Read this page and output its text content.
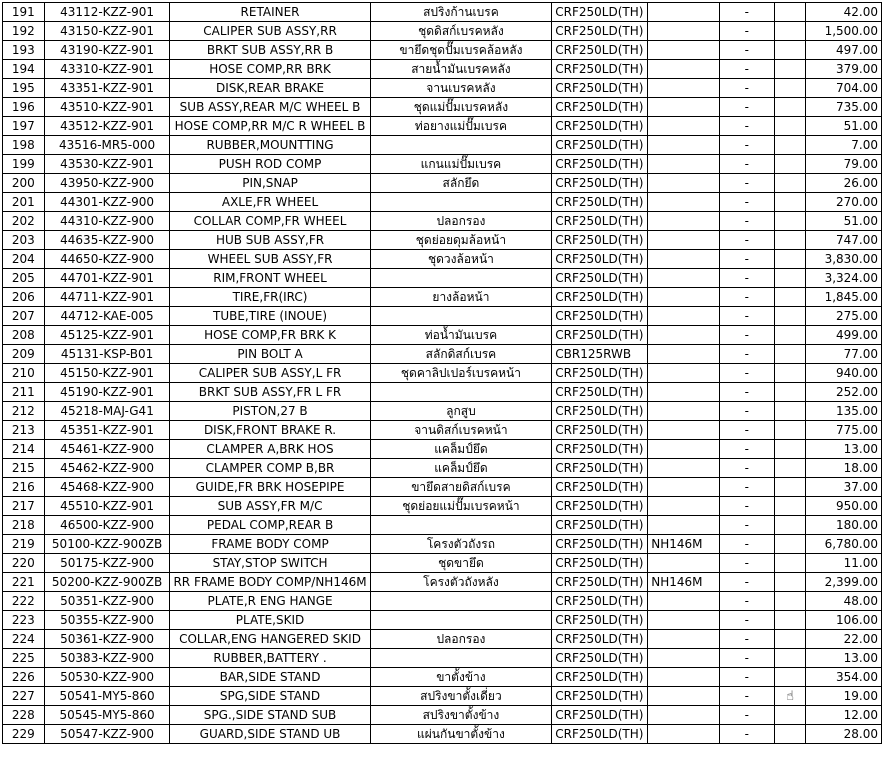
191	43112-KZZ-901	RETAINER	สปริงก้านเบรค	CRF250LD(TH)		-		42.00
192	43150-KZZ-901	CALIPER SUB ASSY,RR	ชุดดิสก์เบรคหลัง	CRF250LD(TH)		-		1,500.00
193	43190-KZZ-901	BRKT SUB ASSY,RR B	ขายึดชุดปั๊มเบรคล้อหลัง	CRF250LD(TH)		-		497.00
194	43310-KZZ-901	HOSE COMP,RR BRK	สายน้ำมันเบรคหลัง	CRF250LD(TH)		-		379.00
195	43351-KZZ-901	DISK,REAR BRAKE	จานเบรคหลัง	CRF250LD(TH)		-		704.00
196	43510-KZZ-901	SUB ASSY,REAR M/C WHEEL B	ชุดแม่ปั๊มเบรคหลัง	CRF250LD(TH)		-		735.00
197	43512-KZZ-901	HOSE COMP,RR M/C R WHEEL B	ท่อยางแม่ปั๊มเบรค	CRF250LD(TH)		-		51.00
198	43516-MR5-000	RUBBER,MOUNTTING		CRF250LD(TH)		-		7.00
199	43530-KZZ-901	PUSH ROD COMP	แกนแม่ปั๊มเบรค	CRF250LD(TH)		-		79.00
200	43950-KZZ-900	PIN,SNAP	สลักยึด	CRF250LD(TH)		-		26.00
201	44301-KZZ-900	AXLE,FR WHEEL		CRF250LD(TH)		-		270.00
202	44310-KZZ-900	COLLAR COMP,FR WHEEL	ปลอกรอง	CRF250LD(TH)		-		51.00
203	44635-KZZ-900	HUB SUB ASSY,FR	ชุดย่อยดุมล้อหน้า	CRF250LD(TH)		-		747.00
204	44650-KZZ-900	WHEEL SUB ASSY,FR	ชุดวงล้อหน้า	CRF250LD(TH)		-		3,830.00
205	44701-KZZ-901	RIM,FRONT WHEEL		CRF250LD(TH)		-		3,324.00
206	44711-KZZ-901	TIRE,FR(IRC)	ยางล้อหน้า	CRF250LD(TH)		-		1,845.00
207	44712-KAE-005	TUBE,TIRE (INOUE)		CRF250LD(TH)		-		275.00
208	45125-KZZ-901	HOSE COMP,FR BRK K	ท่อน้ำมันเบรค	CRF250LD(TH)		-		499.00
209	45131-KSP-B01	PIN BOLT A	สลักดิสก์เบรค	CBR125RWB		-		77.00
210	45150-KZZ-901	CALIPER SUB ASSY,L FR	ชุดคาลิปเปอร์เบรคหน้า	CRF250LD(TH)		-		940.00
211	45190-KZZ-901	BRKT SUB ASSY,FR L FR		CRF250LD(TH)		-		252.00
212	45218-MAJ-G41	PISTON,27 B	ลูกสูบ	CRF250LD(TH)		-		135.00
213	45351-KZZ-901	DISK,FRONT BRAKE R.	จานดิสก์เบรคหน้า	CRF250LD(TH)		-		775.00
214	45461-KZZ-900	CLAMPER A,BRK HOS	แคล็มป์ยึด	CRF250LD(TH)		-		13.00
215	45462-KZZ-900	CLAMPER COMP B,BR	แคล็มป์ยึด	CRF250LD(TH)		-		18.00
216	45468-KZZ-900	GUIDE,FR BRK HOSEPIPE	ขายึดสายดิสก์เบรค	CRF250LD(TH)		-		37.00
217	45510-KZZ-901	SUB ASSY,FR M/C	ชุดย่อยแม่ปั๊มเบรคหน้า	CRF250LD(TH)		-		950.00
218	46500-KZZ-900	PEDAL COMP,REAR B		CRF250LD(TH)		-		180.00
219	50100-KZZ-900ZB	FRAME BODY COMP	โครงตัวถังรถ	CRF250LD(TH)	NH146M	-		6,780.00
220	50175-KZZ-900	STAY,STOP SWITCH	ชุดขายึด	CRF250LD(TH)		-		11.00
221	50200-KZZ-900ZB	RR FRAME BODY COMP/NH146M	โครงตัวถังหลัง	CRF250LD(TH)	NH146M	-		2,399.00
222	50351-KZZ-900	PLATE,R ENG HANGE		CRF250LD(TH)		-		48.00
223	50355-KZZ-900	PLATE,SKID		CRF250LD(TH)		-		106.00
224	50361-KZZ-900	COLLAR,ENG HANGERED SKID	ปลอกรอง	CRF250LD(TH)		-		22.00
225	50383-KZZ-900	RUBBER,BATTERY .		CRF250LD(TH)		-		13.00
226	50530-KZZ-900	BAR,SIDE STAND	ขาตั้งข้าง	CRF250LD(TH)		-		354.00
227	50541-MY5-860	SPG,SIDE STAND	สปริงขาตั้งเดี่ยว	CRF250LD(TH)		-	☝	19.00
228	50545-MY5-860	SPG.,SIDE STAND SUB	สปริงขาตั้งข้าง	CRF250LD(TH)		-		12.00
229	50547-KZZ-900	GUARD,SIDE STAND UB	แผ่นกันขาตั้งข้าง	CRF250LD(TH)		-		28.00
